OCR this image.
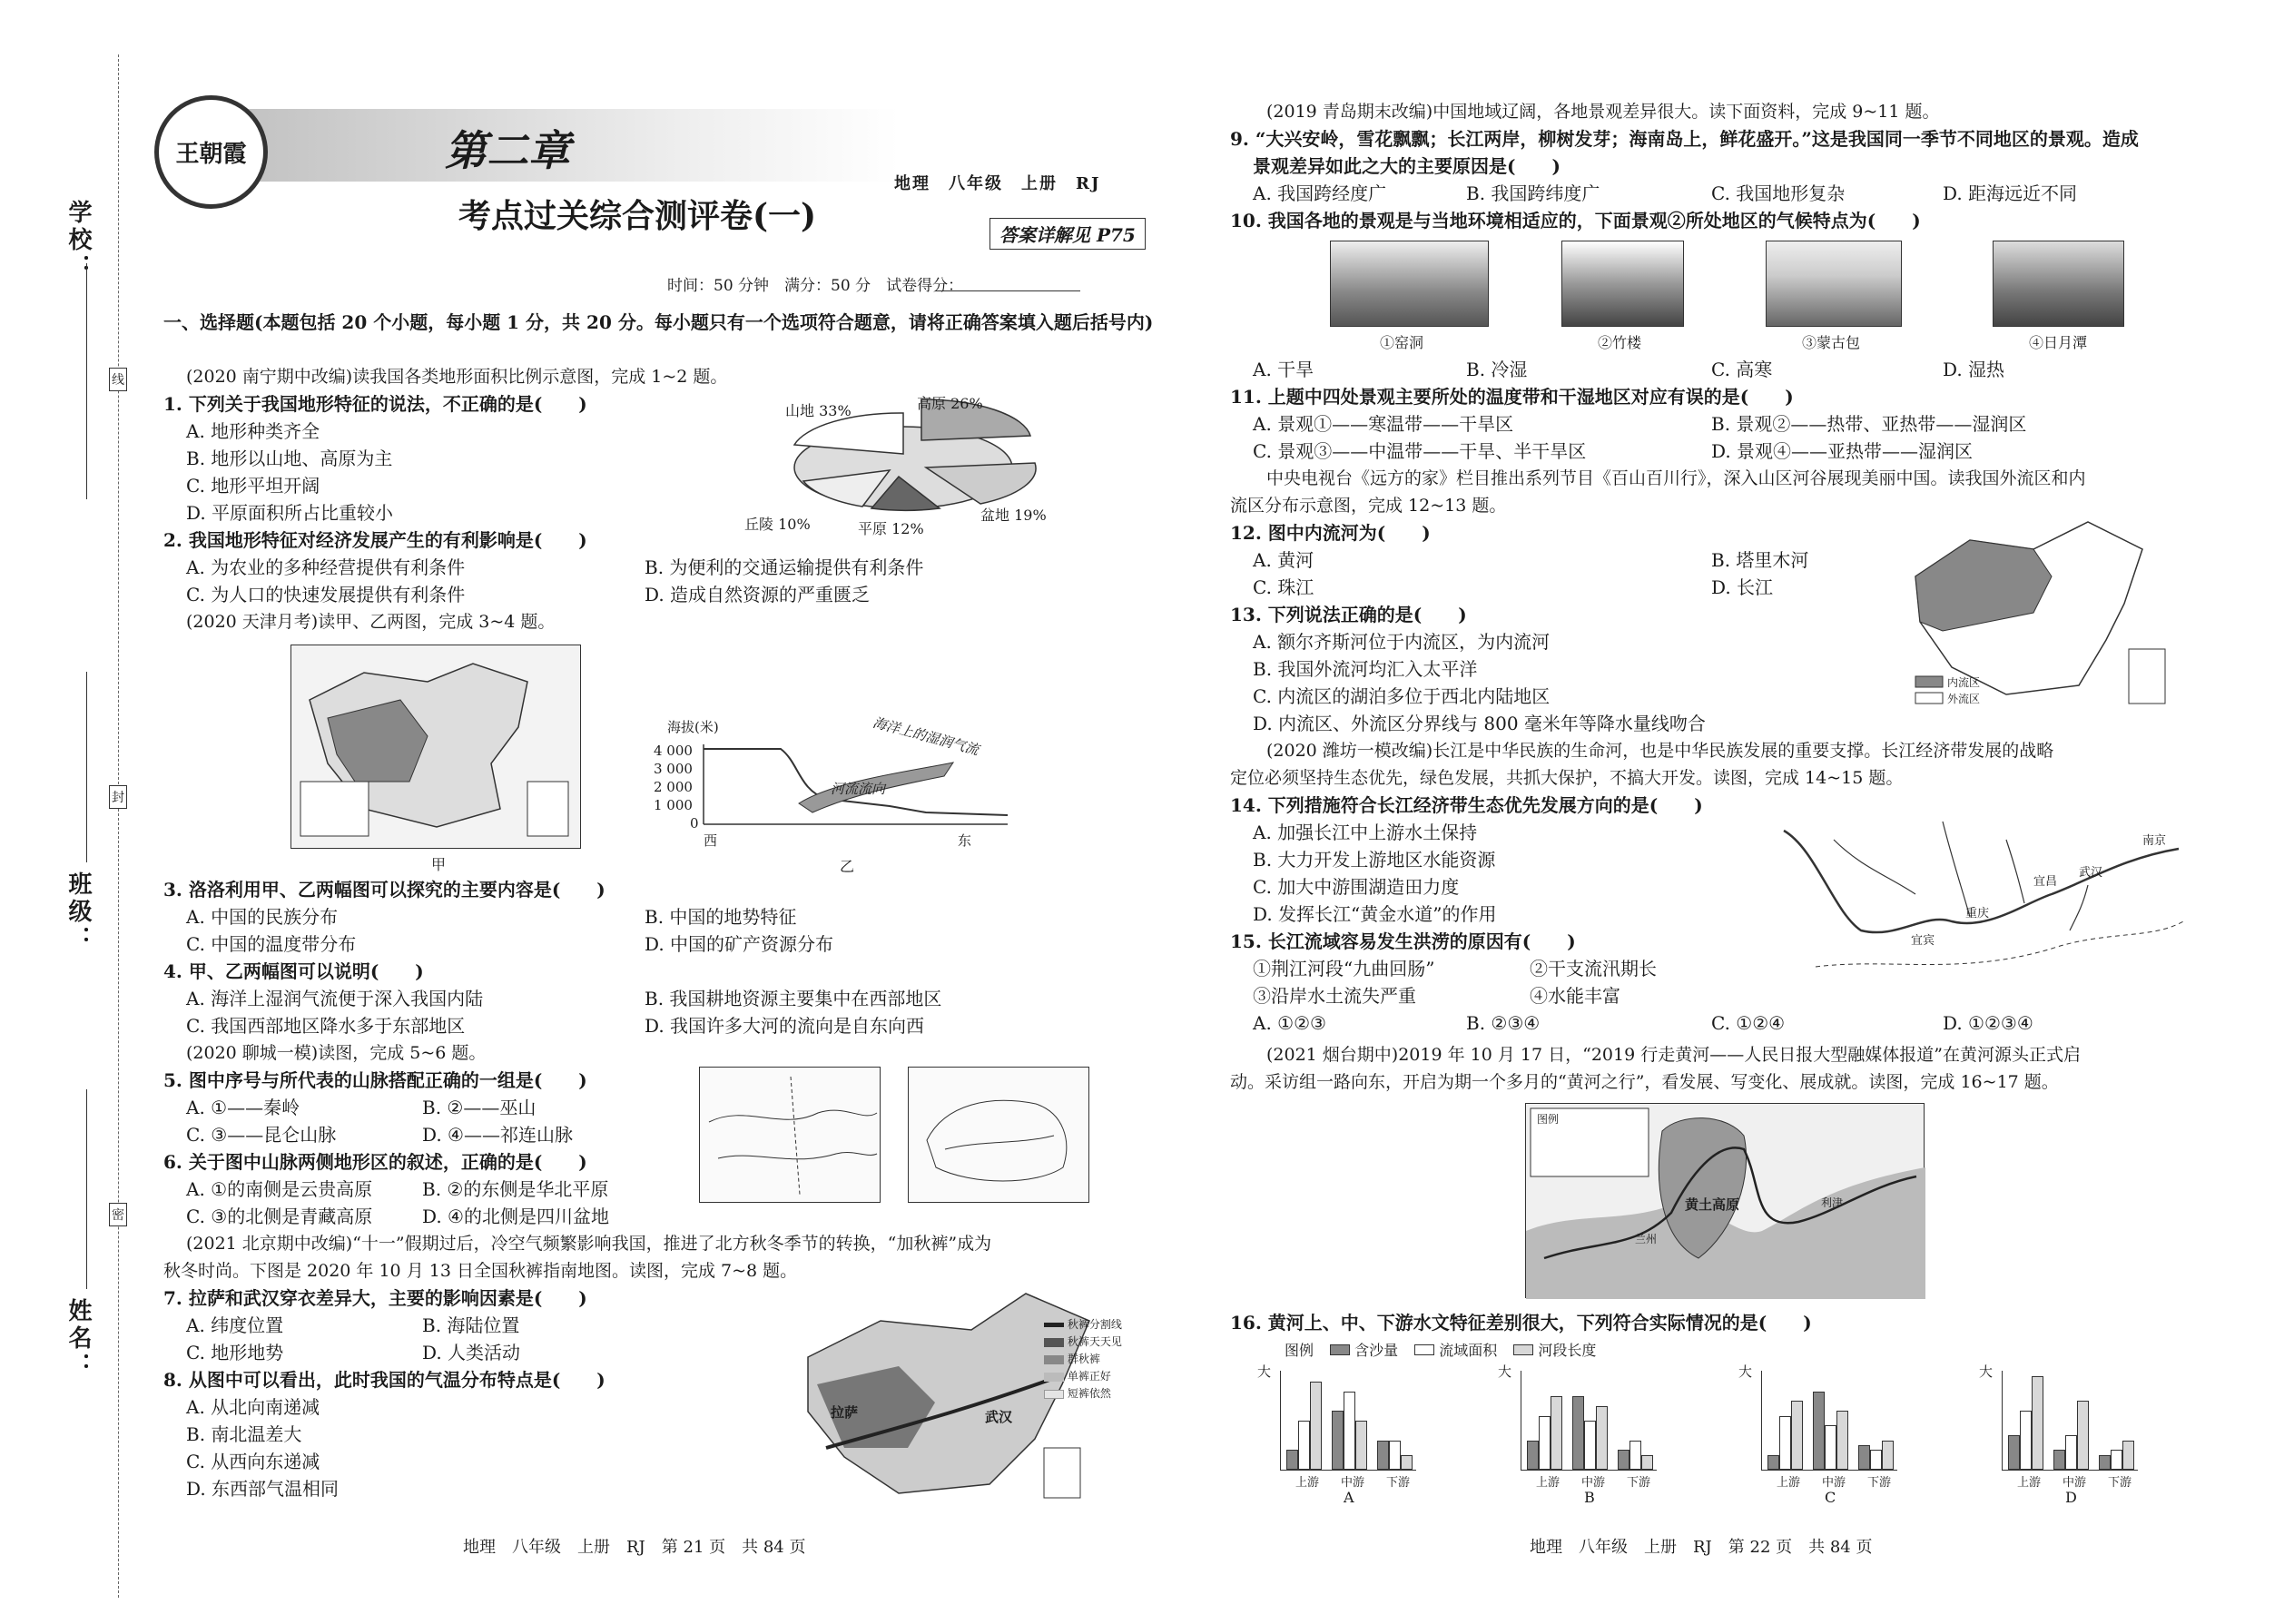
学校：
班级：
姓名：
线
封
密
王朝霞	第二章
考点过关综合测评卷(一)
地理　八年级　上册　RJ
答案详解见 P75
时间：50 分钟　满分：50 分　试卷得分：
一、选择题(本题包括 20 个小题，每小题 1 分，共 20 分。每小题只有一个选项符合题意，请将正确答案填入题后括号内)
(2020 南宁期中改编)读我国各类地形面积比例示意图，完成 1~2 题。
1. 下列关于我国地形特征的说法，不正确的是(　　)
A. 地形种类齐全
B. 地形以山地、高原为主
C. 地形平坦开阔
D. 平原面积所占比重较小
山地 33%	高原 26%
丘陵 10%	平原 12%
盆地 19%
2. 我国地形特征对经济发展产生的有利影响是(　　)
A. 为农业的多种经营提供有利条件	B. 为便利的交通运输提供有利条件
C. 为人口的快速发展提供有利条件	D. 造成自然资源的严重匮乏
(2020 天津月考)读甲、乙两图，完成 3~4 题。
甲
海拔(米)
4 000
3 000
2 000
1 000
0
海洋上的湿润气流
河流流向
西	东
乙
3. 洛洛利用甲、乙两幅图可以探究的主要内容是(　　)
A. 中国的民族分布	B. 中国的地势特征
C. 中国的温度带分布	D. 中国的矿产资源分布
4. 甲、乙两幅图可以说明(　　)
A. 海洋上湿润气流便于深入我国内陆	B. 我国耕地资源主要集中在西部地区
C. 我国西部地区降水多于东部地区	D. 我国许多大河的流向是自东向西
(2020 聊城一模)读图，完成 5~6 题。
5. 图中序号与所代表的山脉搭配正确的一组是(　　)
A. ①——秦岭	B. ②——巫山
C. ③——昆仑山脉	D. ④——祁连山脉
6. 关于图中山脉两侧地形区的叙述，正确的是(　　)
A. ①的南侧是云贵高原	B. ②的东侧是华北平原
C. ③的北侧是青藏高原	D. ④的北侧是四川盆地
(2021 北京期中改编)“十一”假期过后，冷空气频繁影响我国，推进了北方秋冬季节的转换，“加秋裤”成为
秋冬时尚。下图是 2020 年 10 月 13 日全国秋裤指南地图。读图，完成 7~8 题。
7. 拉萨和武汉穿衣差异大，主要的影响因素是(　　)
A. 纬度位置	B. 海陆位置
C. 地形地势	D. 人类活动
8. 从图中可以看出，此时我国的气温分布特点是(　　)
A. 从北向南递减
B. 南北温差大
C. 从西向东递减
D. 东西部气温相同
拉萨	武汉
秋裤分割线
秋裤天天见
群秋裤
单裤正好
短裤依然
地理　八年级　上册　RJ　第 21 页　共 84 页
(2019 青岛期末改编)中国地域辽阔，各地景观差异很大。读下面资料，完成 9~11 题。
9. “大兴安岭，雪花飘飘；长江两岸，柳树发芽；海南岛上，鲜花盛开。”这是我国同一季节不同地区的景观。造成
景观差异如此之大的主要原因是(　　)
A. 我国跨经度广	B. 我国跨纬度广	C. 我国地形复杂	D. 距海远近不同
10. 我国各地的景观是与当地环境相适应的，下面景观②所处地区的气候特点为(　　)
①窑洞	②竹楼	③蒙古包	④日月潭
A. 干旱	B. 冷湿	C. 高寒	D. 湿热
11. 上题中四处景观主要所处的温度带和干湿地区对应有误的是(　　)
A. 景观①——寒温带——干旱区	B. 景观②——热带、亚热带——湿润区
C. 景观③——中温带——干旱、半干旱区	D. 景观④——亚热带——湿润区
中央电视台《远方的家》栏目推出系列节目《百山百川行》，深入山区河谷展现美丽中国。读我国外流区和内
流区分布示意图，完成 12~13 题。
12. 图中内流河为(　　)
A. 黄河	B. 塔里木河
C. 珠江	D. 长江
13. 下列说法正确的是(　　)
A. 额尔齐斯河位于内流区，为内流河
B. 我国外流河均汇入太平洋
C. 内流区的湖泊多位于西北内陆地区
D. 内流区、外流区分界线与 800 毫米年等降水量线吻合
内流区
外流区
(2020 潍坊一模改编)长江是中华民族的生命河，也是中华民族发展的重要支撑。长江经济带发展的战略
定位必须坚持生态优先，绿色发展，共抓大保护，不搞大开发。读图，完成 14~15 题。
14. 下列措施符合长江经济带生态优先发展方向的是(　　)
A. 加强长江中上游水土保持
B. 大力开发上游地区水能资源
C. 加大中游围湖造田力度
D. 发挥长江“黄金水道”的作用
南京
武汉
宜昌
重庆
宜宾
15. 长江流域容易发生洪涝的原因有(　　)
①荆江河段“九曲回肠”	②干支流汛期长
③沿岸水土流失严重	④水能丰富
A. ①②③	B. ②③④	C. ①②④	D. ①②③④
(2021 烟台期中)2019 年 10 月 17 日，“2019 行走黄河——人民日报大型融媒体报道”在黄河源头正式启
动。采访组一路向东，开启为期一个多月的“黄河之行”，看发展、写变化、展成就。读图，完成 16~17 题。
图例
黄土高原
兰州
利津
16. 黄河上、中、下游水文特征差别很大，下列符合实际情况的是(　　)
图例	含沙量	流域面积	河段长度
大
上游 中游 下游
A
大
上游 中游 下游
B
大
上游 中游 下游
C
大
上游 中游 下游
D
地理　八年级　上册　RJ　第 22 页　共 84 页
